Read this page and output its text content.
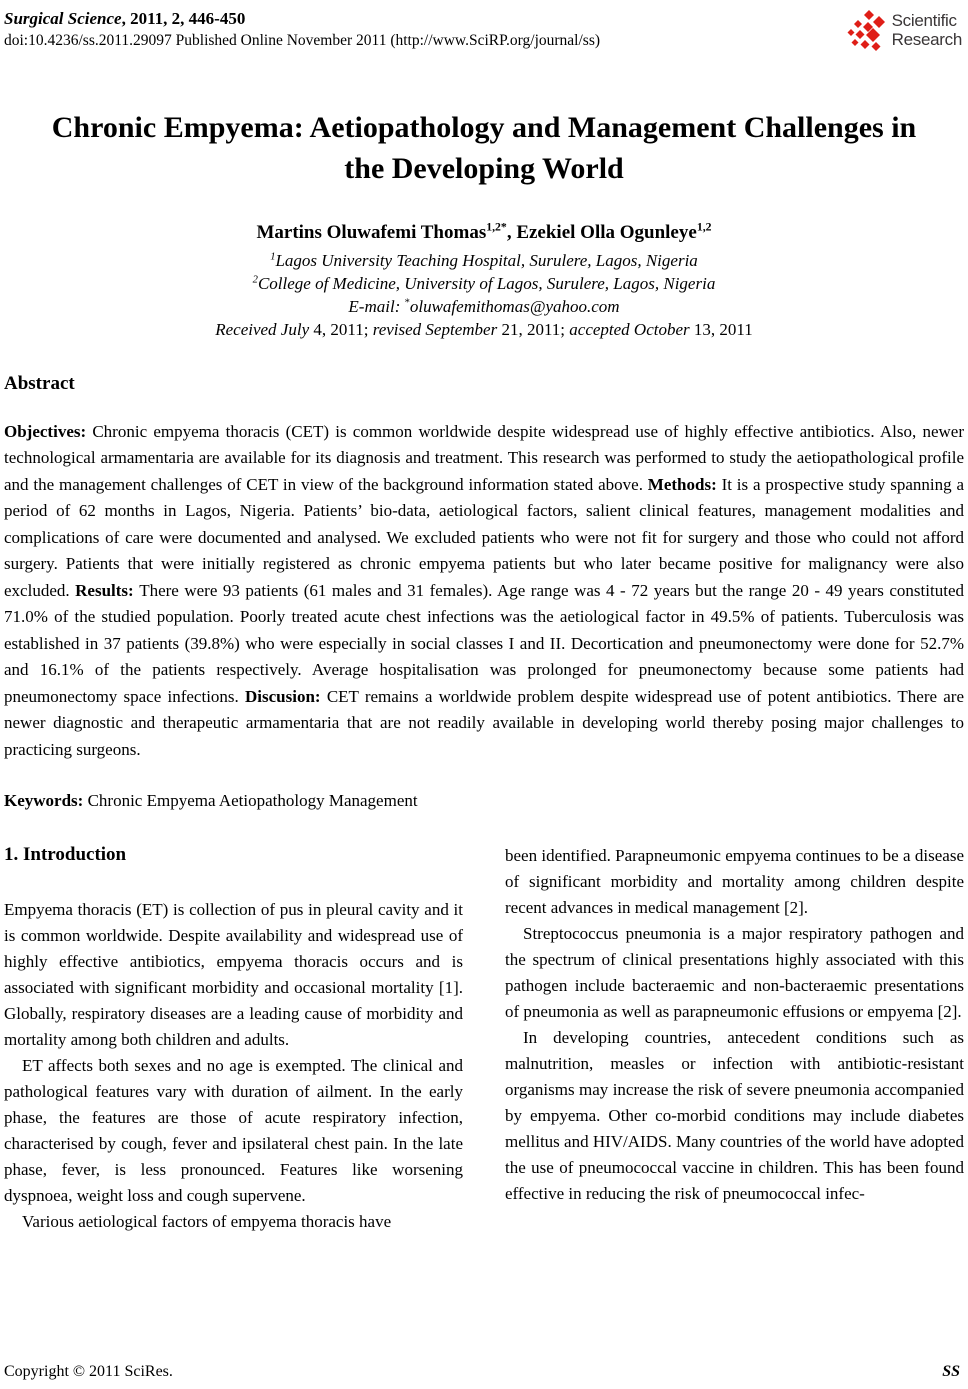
Surgical Science, 2011, 2, 446-450
doi:10.4236/ss.2011.29097 Published Online November 2011 (http://www.SciRP.org/journal/ss)
Scientific
Research
Chronic Empyema: Aetiopathology and Management Challenges in the Developing World
Martins Oluwafemi Thomas$^{1,2*}$, Ezekiel Olla Ogunleye$^{1,2}$
$^1$Lagos University Teaching Hospital, Surulere, Lagos, Nigeria
$^2$College of Medicine, University of Lagos, Surulere, Lagos, Nigeria
E-mail: *oluwafemithomas@yahoo.com
Received July 4, 2011; revised September 21, 2011; accepted October 13, 2011
Abstract

Objectives: Chronic empyema thoracis (CET) is common worldwide despite widespread use of highly effective antibiotics. Also, newer technological armamentaria are available for its diagnosis and treatment. This research was performed to study the aetiopathological profile and the management challenges of CET in view of the background information stated above. Methods: It is a prospective study spanning a period of 62 months in Lagos, Nigeria. Patients’ bio-data, aetiological factors, salient clinical features, management modalities and complications of care were documented and analysed. We excluded patients who were not fit for surgery and those who could not afford surgery. Patients that were initially registered as chronic empyema patients but who later became positive for malignancy were also excluded. Results: There were 93 patients (61 males and 31 females). Age range was 4 - 72 years but the range 20 - 49 years constituted 71.0% of the studied population. Poorly treated acute chest infections was the aetiological factor in 49.5% of patients. Tuberculosis was established in 37 patients (39.8%) who were especially in social classes I and II. Decortication and pneumonectomy were done for 52.7% and 16.1% of the patients respectively. Average hospitalisation was prolonged for pneumonectomy because some patients had pneumonectomy space infections. Discusion: CET remains a worldwide problem despite widespread use of potent antibiotics. There are newer diagnostic and therapeutic armamentaria that are not readily available in developing world thereby posing major challenges to practicing surgeons.

Keywords: Chronic Empyema Aetiopathology Management
1. Introduction

Empyema thoracis (ET) is collection of pus in pleural cavity and it is common worldwide. Despite availability and widespread use of highly effective antibiotics, empyema thoracis occurs and is associated with significant morbidity and occasional mortality [1]. Globally, respiratory diseases are a leading cause of morbidity and mortality among both children and adults.

ET affects both sexes and no age is exempted. The clinical and pathological features vary with duration of ailment. In the early phase, the features are those of acute respiratory infection, characterised by cough, fever and ipsilateral chest pain. In the late phase, fever, is less pronounced. Features like worsening dyspnoea, weight loss and cough supervene.

Various aetiological factors of empyema thoracis have

been identified. Parapneumonic empyema continues to be a disease of significant morbidity and mortality among children despite recent advances in medical management [2].

Streptococcus pneumonia is a major respiratory pathogen and the spectrum of clinical presentations highly associated with this pathogen include bacteraemic and non-bacteraemic presentations of pneumonia as well as parapneumonic effusions or empyema [2].

In developing countries, antecedent conditions such as malnutrition, measles or infection with antibiotic-resistant organisms may increase the risk of severe pneumonia accompanied by empyema. Other co-morbid conditions may include diabetes mellitus and HIV/AIDS. Many countries of the world have adopted the use of pneumococcal vaccine in children. This has been found effective in reducing the risk of pneumococcal infec-

Copyright © 2011 SciRes.	SS
